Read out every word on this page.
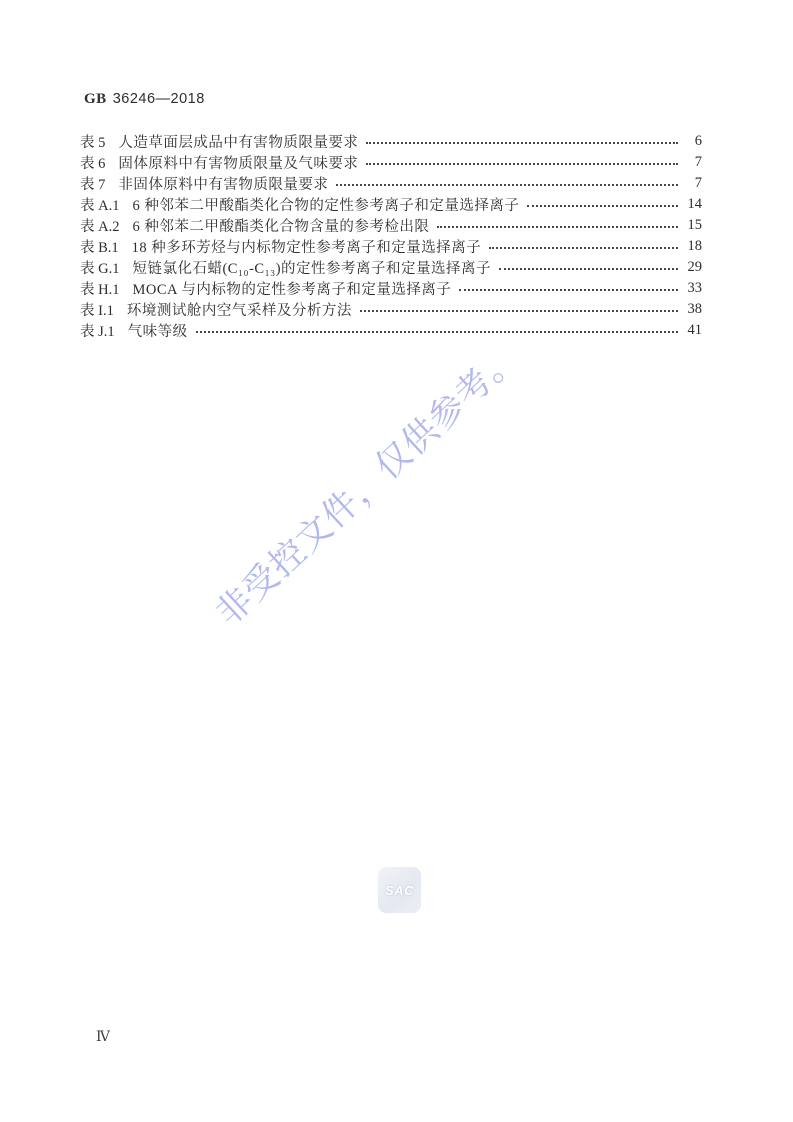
GB 36246—2018
表 5 人造草面层成品中有害物质限量要求	6
表 6 固体原料中有害物质限量及气味要求	7
表 7 非固体原料中有害物质限量要求	7
表 A.1 6 种邻苯二甲酸酯类化合物的定性参考离子和定量选择离子	14
表 A.2 6 种邻苯二甲酸酯类化合物含量的参考检出限	15
表 B.1 18 种多环芳烃与内标物定性参考离子和定量选择离子	18
表 G.1 短链氯化石蜡(C₁₀-C₁₃)的定性参考离子和定量选择离子	29
表 H.1 MOCA 与内标物的定性参考离子和定量选择离子	33
表 I.1 环境测试舱内空气采样及分析方法	38
表 J.1 气味等级	41
非受控文件，仅供参考。
SAC
Ⅳ
